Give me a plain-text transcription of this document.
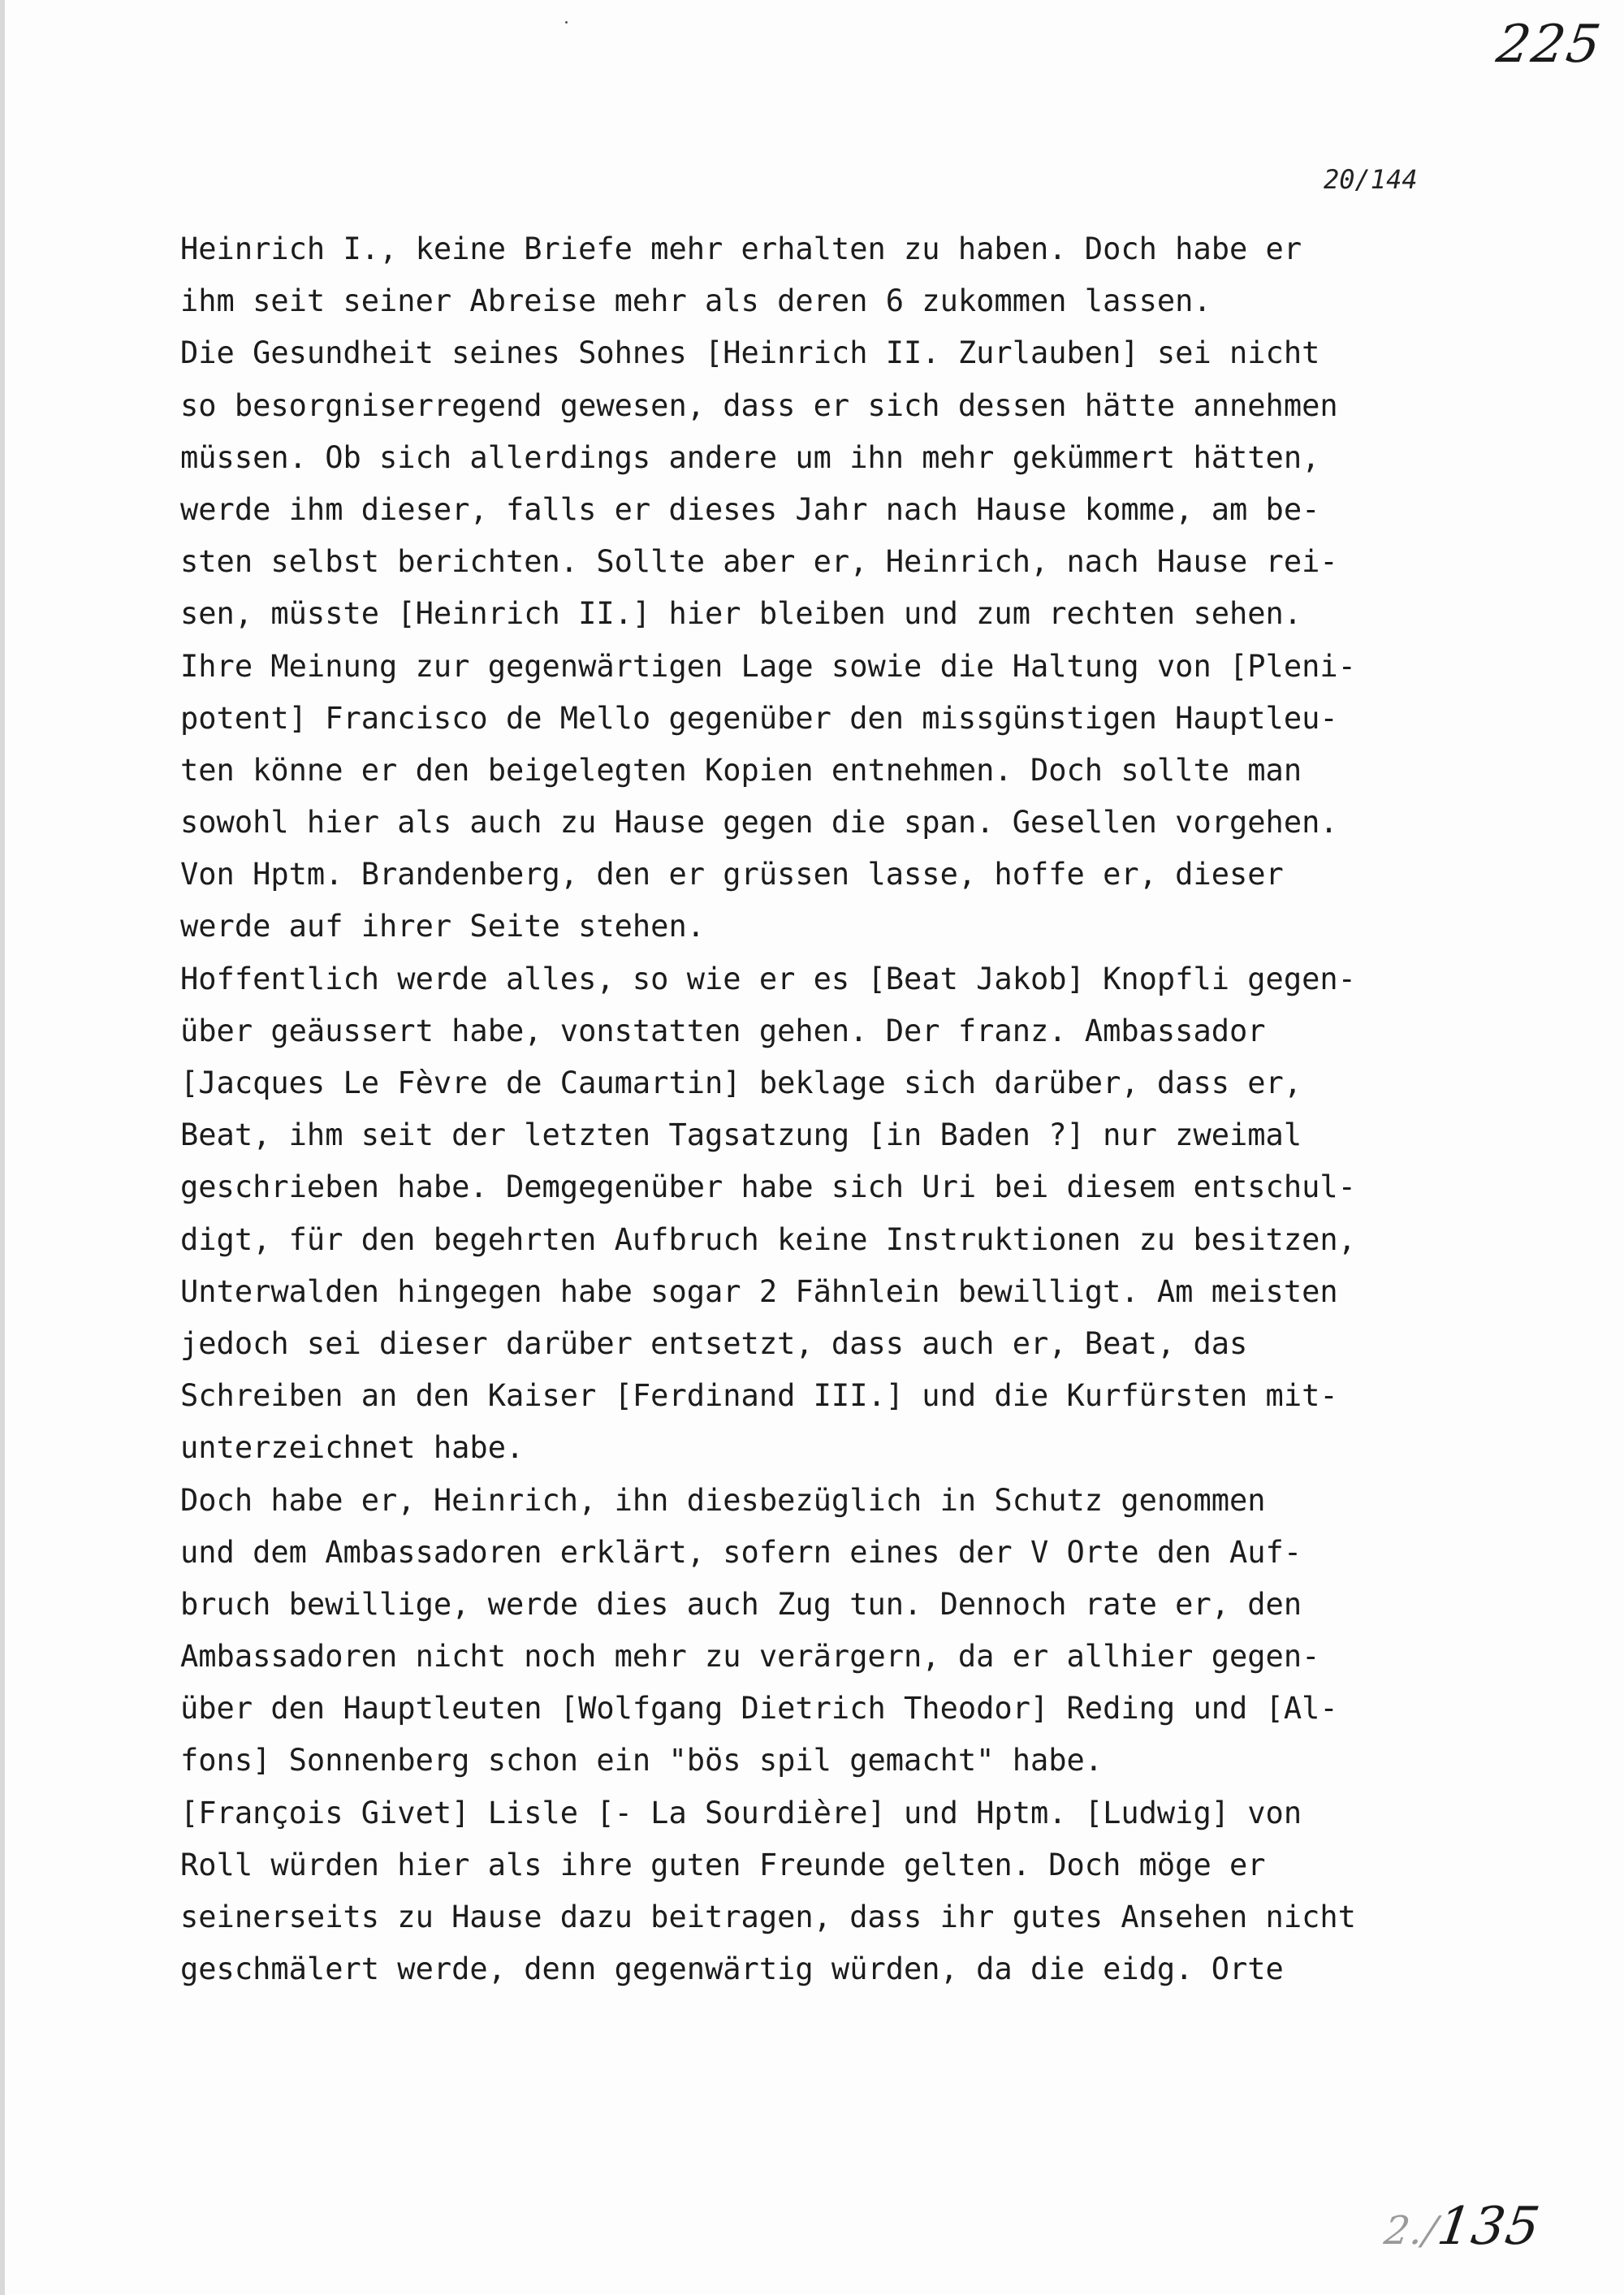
225
20/144
Heinrich I., keine Briefe mehr erhalten zu haben. Doch habe er
ihm seit seiner Abreise mehr als deren 6 zukommen lassen.
Die Gesundheit seines Sohnes [Heinrich II. Zurlauben] sei nicht
so besorgniserregend gewesen, dass er sich dessen hätte annehmen
müssen. Ob sich allerdings andere um ihn mehr gekümmert hätten,
werde ihm dieser, falls er dieses Jahr nach Hause komme, am be-
sten selbst berichten. Sollte aber er, Heinrich, nach Hause rei-
sen, müsste [Heinrich II.] hier bleiben und zum rechten sehen.
Ihre Meinung zur gegenwärtigen Lage sowie die Haltung von [Pleni-
potent] Francisco de Mello gegenüber den missgünstigen Hauptleu-
ten könne er den beigelegten Kopien entnehmen. Doch sollte man
sowohl hier als auch zu Hause gegen die span. Gesellen vorgehen.
Von Hptm. Brandenberg, den er grüssen lasse, hoffe er, dieser
werde auf ihrer Seite stehen.
Hoffentlich werde alles, so wie er es [Beat Jakob] Knopfli gegen-
über geäussert habe, vonstatten gehen. Der franz. Ambassador
[Jacques Le Fèvre de Caumartin] beklage sich darüber, dass er,
Beat, ihm seit der letzten Tagsatzung [in Baden ?] nur zweimal
geschrieben habe. Demgegenüber habe sich Uri bei diesem entschul-
digt, für den begehrten Aufbruch keine Instruktionen zu besitzen,
Unterwalden hingegen habe sogar 2 Fähnlein bewilligt. Am meisten
jedoch sei dieser darüber entsetzt, dass auch er, Beat, das
Schreiben an den Kaiser [Ferdinand III.] und die Kurfürsten mit-
unterzeichnet habe.
Doch habe er, Heinrich, ihn diesbezüglich in Schutz genommen
und dem Ambassadoren erklärt, sofern eines der V Orte den Auf-
bruch bewillige, werde dies auch Zug tun. Dennoch rate er, den
Ambassadoren nicht noch mehr zu verärgern, da er allhier gegen-
über den Hauptleuten [Wolfgang Dietrich Theodor] Reding und [Al-
fons] Sonnenberg schon ein "bös spil gemacht" habe.
[François Givet] Lisle [- La Sourdière] und Hptm. [Ludwig] von
Roll würden hier als ihre guten Freunde gelten. Doch möge er
seinerseits zu Hause dazu beitragen, dass ihr gutes Ansehen nicht
geschmälert werde, denn gegenwärtig würden, da die eidg. Orte
2./135
